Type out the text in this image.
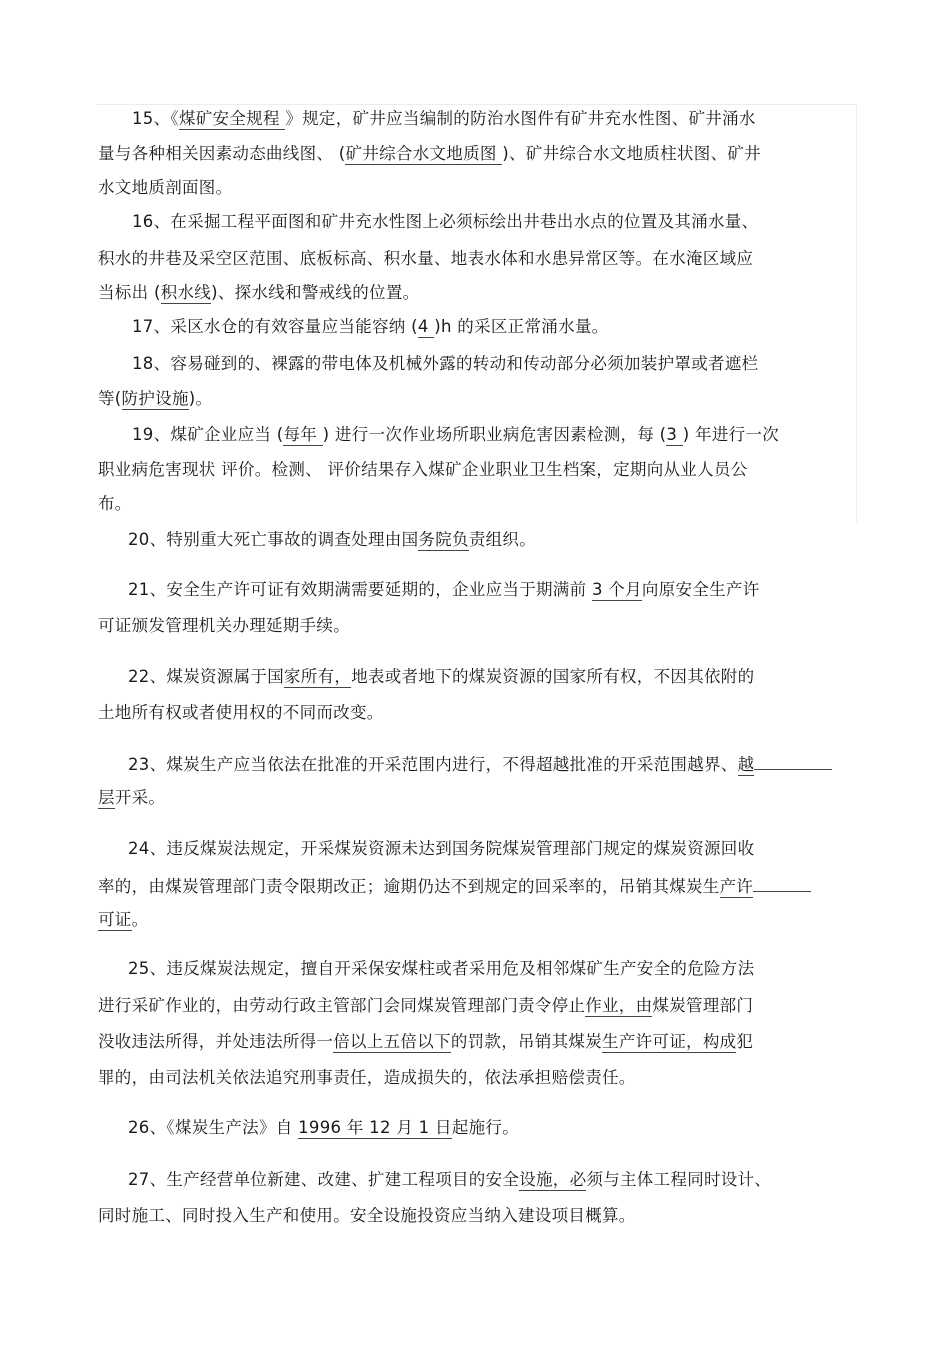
15、《煤矿安全规程 》规定，矿井应当编制的防治水图件有矿井充水性图、矿井涌水
量与各种相关因素动态曲线图、 (矿井综合水文地质图 )、矿井综合水文地质柱状图、矿井
水文地质剖面图。
16、在采掘工程平面图和矿井充水性图上必须标绘出井巷出水点的位置及其涌水量、
积水的井巷及采空区范围、底板标高、积水量、地表水体和水患异常区等。在水淹区域应
当标出 (积水线)、探水线和警戒线的位置。
17、采区水仓的有效容量应当能容纳 (4 )h 的采区正常涌水量。
18、容易碰到的、裸露的带电体及机械外露的转动和传动部分必须加装护罩或者遮栏
等(防护设施)。
19、煤矿企业应当 (每年 ) 进行一次作业场所职业病危害因素检测，每 (3 ) 年进行一次
职业病危害现状 评价。检测、 评价结果存入煤矿企业职业卫生档案，定期向从业人员公
布。
20、特别重大死亡事故的调查处理由国务院负责组织。
21、安全生产许可证有效期满需要延期的，企业应当于期满前 3 个月向原安全生产许
可证颁发管理机关办理延期手续。
22、煤炭资源属于国家所有，地表或者地下的煤炭资源的国家所有权，不因其依附的
土地所有权或者使用权的不同而改变。
23、煤炭生产应当依法在批准的开采范围内进行，不得超越批准的开采范围越界、越
层开采。
24、违反煤炭法规定，开采煤炭资源未达到国务院煤炭管理部门规定的煤炭资源回收
率的，由煤炭管理部门责令限期改正；逾期仍达不到规定的回采率的，吊销其煤炭生产许
可证。
25、违反煤炭法规定，擅自开采保安煤柱或者采用危及相邻煤矿生产安全的危险方法
进行采矿作业的，由劳动行政主管部门会同煤炭管理部门责令停止作业，由煤炭管理部门
没收违法所得，并处违法所得一倍以上五倍以下的罚款，吊销其煤炭生产许可证，构成犯
罪的，由司法机关依法追究刑事责任，造成损失的，依法承担赔偿责任。
26、《煤炭生产法》自 1996 年 12 月 1 日起施行。
27、生产经营单位新建、改建、扩建工程项目的安全设施，必须与主体工程同时设计、
同时施工、同时投入生产和使用。安全设施投资应当纳入建设项目概算。
